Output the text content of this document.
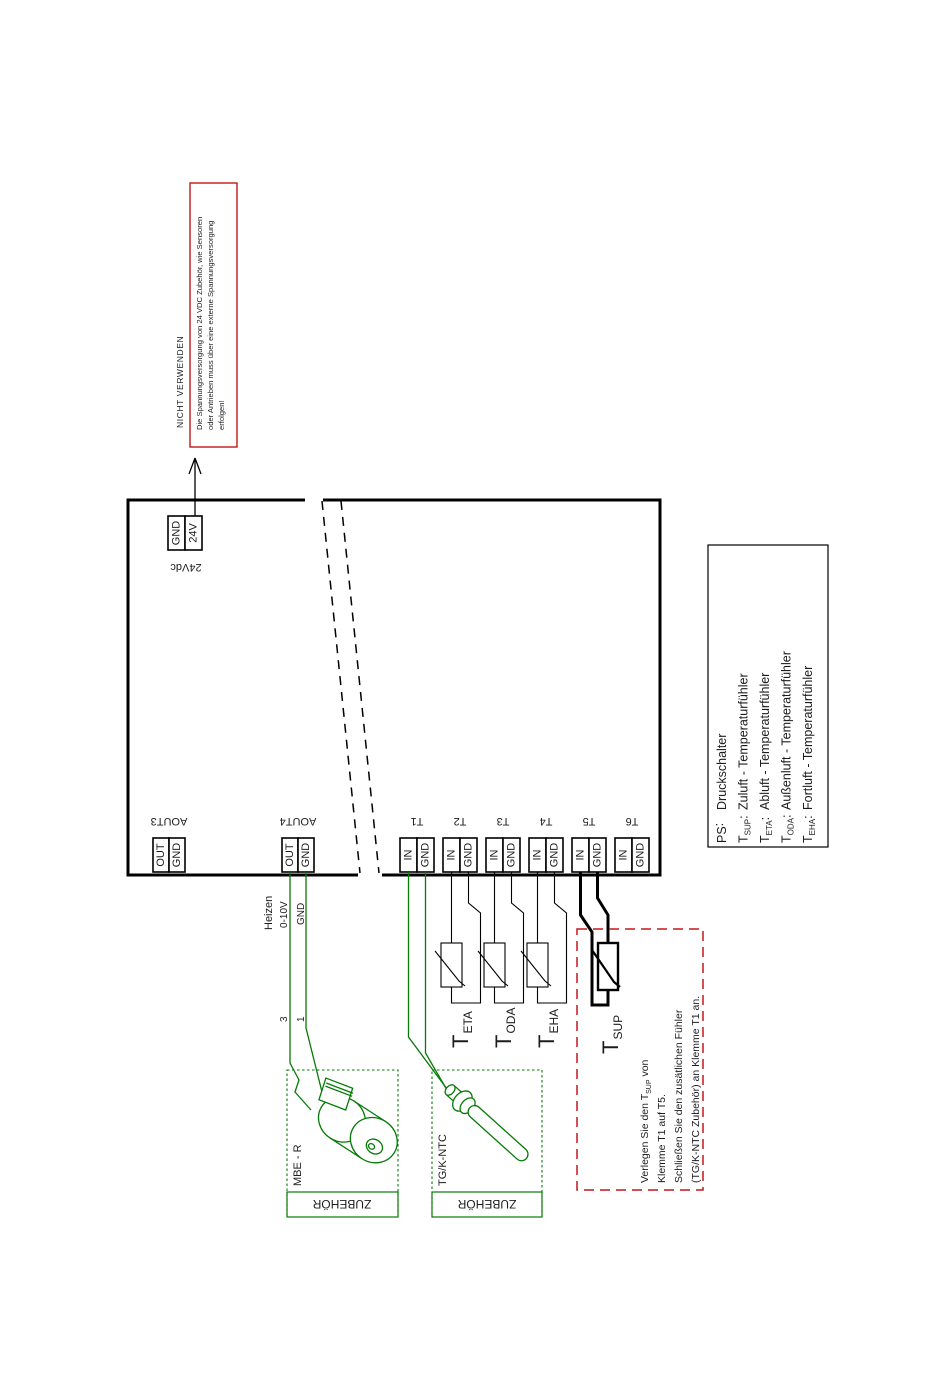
NICHT VERWENDEN Die Spannungsversorgung von 24 VDC Zubehör, wie Sensoren oder Antrieben muss über eine externe Spannungsversorgung erfolgen!
GND 24V
24Vdc
AOUT3
OUT GND
AOUT4
OUT GND
Heizen 0-10V GND
3 1
T1
IN GND
T2
IN GND
T3
IN GND
T4
IN GND
T5
IN GND
T6
IN GND
$T_{ETA}$
$T_{ODA}$
$T_{EHA}$
$T_{SUP}$
Verlegen Sie den $T_{SUP}$ von
Klemme T1 auf T5. Schließen Sie den zusätlichen Fühler (TG/K-NTC Zubehör) an Klemme T1 an.
ZUBEHÖR
MBE - R
ZUBEHÖR
TG/K-NTC
PS:
Druckschalter
$T_{SUP}$:
Zuluft - Temperaturfühler
$T_{ETA}$:
Abluft - Temperaturfühler
$T_{ODA}$:
Außenluft - Temperaturfühler
$T_{EHA}$:
Fortluft - Temperaturfühler
